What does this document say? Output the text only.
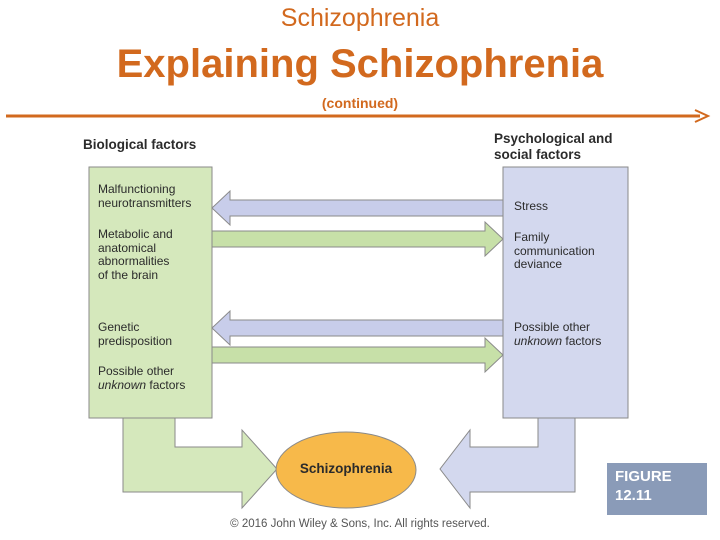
Schizophrenia
Explaining Schizophrenia
(continued)
Biological factors	Psychological and
social factors
Malfunctioning
neurotransmitters
Metabolic and
anatomical
abnormalities
of the brain
Genetic
predisposition
Possible other
unknown factors
Stress
Family
communication
deviance
Possible other
unknown factors
Schizophrenia	FIGURE
12.11
© 2016 John Wiley & Sons, Inc. All rights reserved.
